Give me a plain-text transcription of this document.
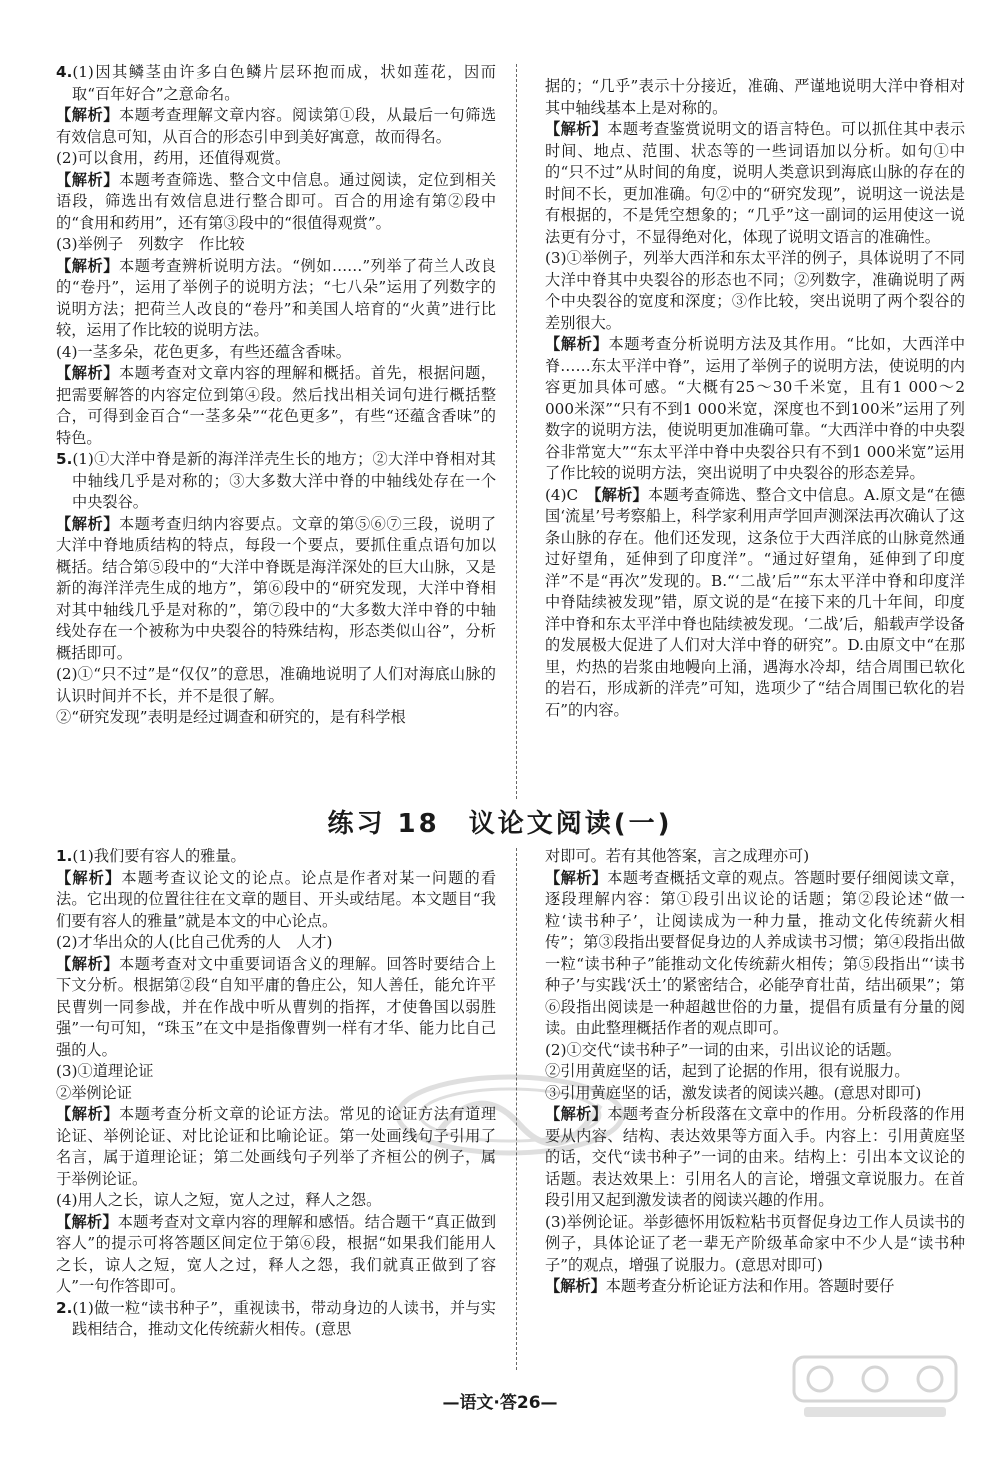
4.(1)因其鳞茎由许多白色鳞片层环抱而成，状如莲花，因而取“百年好合”之意命名。

【 解析 】 本题考查理解文章内容。阅读第①段，从最后一句筛选有效信息可知，从百合的形态引申到美好寓意，故而得名。

(2)可以食用，药用，还值得观赏。

【 解析 】 本题考查筛选、整合文中信息。通过阅读，定位到相关语段，筛选出有效信息进行整合即可。百合的用途有第②段中的“食用和药用”，还有第③段中的“很值得观赏”。

(3)举例子　列数字　作比较

【 解析 】 本题考查辨析说明方法。“例如……”列举了荷兰人改良的“卷丹”，运用了举例子的说明方法；“七八朵”运用了列数字的说明方法；把荷兰人改良的“卷丹”和美国人培育的“火黄”进行比较，运用了作比较的说明方法。

(4)一茎多朵，花色更多，有些还蕴含香味。

【 解析 】 本题考查对文章内容的理解和概括。首先，根据问题，把需要解答的内容定位到第④段。然后找出相关词句进行概括整合，可得到金百合“一茎多朵”“花色更多”，有些“还蕴含香味”的特色。

5.(1)①大洋中脊是新的海洋洋壳生长的地方；②大洋中脊相对其中轴线几乎是对称的；③大多数大洋中脊的中轴线处存在一个中央裂谷。

【 解析 】 本题考查归纳内容要点。文章的第⑤⑥⑦三段，说明了大洋中脊地质结构的特点，每段一个要点，要抓住重点语句加以概括。结合第⑤段中的“大洋中脊既是海洋深处的巨大山脉，又是新的海洋洋壳生成的地方”，第⑥段中的“研究发现，大洋中脊相对其中轴线几乎是对称的”，第⑦段中的“大多数大洋中脊的中轴线处存在一个被称为中央裂谷的特殊结构，形态类似山谷”，分析概括即可。

(2)①“只不过”是“仅仅”的意思，准确地说明了人们对海底山脉的认识时间并不长，并不是很了解。

②“研究发现”表明是经过调查和研究的，是有科学根

据的；“几乎”表示十分接近，准确、严谨地说明大洋中脊相对其中轴线基本上是对称的。

【 解析 】 本题考查鉴赏说明文的语言特色。可以抓住其中表示时间、地点、范围、状态等的一些词语加以分析。如句①中的“只不过”从时间的角度，说明人类意识到海底山脉的存在的时间不长，更加准确。句②中的“研究发现”，说明这一说法是有根据的，不是凭空想象的；“几乎”这一副词的运用使这一说法更有分寸，不显得绝对化，体现了说明文语言的准确性。

(3)①举例子，列举大西洋和东太平洋的例子，具体说明了不同大洋中脊其中央裂谷的形态也不同；②列数字，准确说明了两个中央裂谷的宽度和深度；③作比较，突出说明了两个裂谷的差别很大。

【 解析 】 本题考查分析说明方法及其作用。“比如，大西洋中脊……东太平洋中脊”，运用了举例子的说明方法，使说明的内容更加具体可感。“大概有25～30千米宽，且有1 000～2 000米深”“只有不到1 000米宽，深度也不到100米”运用了列数字的说明方法，使说明更加准确可靠。“大西洋中脊的中央裂谷非常宽大”“东太平洋中脊中央裂谷只有不到1 000米宽”运用了作比较的说明方法，突出说明了中央裂谷的形态差异。

(4)C　【 解析 】 本题考查筛选、整合文中信息。A.原文是“在德国‘流星’号考察船上，科学家利用声学回声测深法再次确认了这条山脉的存在。他们还发现，这条位于大西洋底的山脉竟然通过好望角，延伸到了印度洋”。“通过好望角，延伸到了印度洋”不是“再次”发现的。B.“‘二战’后”“东太平洋中脊和印度洋中脊陆续被发现”错，原文说的是“在接下来的几十年间，印度洋中脊和东太平洋中脊也陆续被发现。‘二战’后，船载声学设备的发展极大促进了人们对大洋中脊的研究”。D.由原文中“在那里，灼热的岩浆由地幔向上涌，遇海水冷却，结合周围已软化的岩石，形成新的洋壳”可知，选项少了“结合周围已软化的岩石”的内容。

练习 18　议论文阅读(一)

1.(1)我们要有容人的雅量。

【 解析 】 本题考查议论文的论点。论点是作者对某一问题的看法。它出现的位置往往在文章的题目、开头或结尾。本文题目“我们要有容人的雅量”就是本文的中心论点。

(2)才华出众的人(比自己优秀的人　人才)

【 解析 】 本题考查对文中重要词语含义的理解。回答时要结合上下文分析。根据第②段“自知平庸的鲁庄公，知人善任，能允许平民曹刿一同参战，并在作战中听从曹刿的指挥，才使鲁国以弱胜强”一句可知，“珠玉”在文中是指像曹刿一样有才华、能力比自己强的人。

(3)①道理论证

②举例论证

【 解析 】 本题考查分析文章的论证方法。常见的论证方法有道理论证、举例论证、对比论证和比喻论证。第一处画线句子引用了名言，属于道理论证；第二处画线句子列举了齐桓公的例子，属于举例论证。

(4)用人之长，谅人之短，宽人之过，释人之怨。

【 解析 】 本题考查对文章内容的理解和感悟。结合题干“真正做到容人”的提示可将答题区间定位于第⑥段，根据“如果我们能用人之长，谅人之短，宽人之过，释人之怨，我们就真正做到了容人”一句作答即可。

2.(1)做一粒“读书种子”，重视读书，带动身边的人读书，并与实践相结合，推动文化传统薪火相传。(意思

对即可。若有其他答案，言之成理亦可)

【 解析 】 本题考查概括文章的观点。答题时要仔细阅读文章，逐段理解内容：第①段引出议论的话题；第②段论述“做一粒‘读书种子’，让阅读成为一种力量，推动文化传统薪火相传”；第③段指出要督促身边的人养成读书习惯；第④段指出做一粒“读书种子”能推动文化传统薪火相传；第⑤段指出“‘读书种子’与实践‘沃土’的紧密结合，必能孕育壮苗，结出硕果”；第⑥段指出阅读是一种超越世俗的力量，提倡有质量有分量的阅读。由此整理概括作者的观点即可。

(2)①交代“读书种子”一词的由来，引出议论的话题。

②引用黄庭坚的话，起到了论据的作用，很有说服力。

③引用黄庭坚的话，激发读者的阅读兴趣。(意思对即可)

【 解析 】 本题考查分析段落在文章中的作用。分析段落的作用要从内容、结构、表达效果等方面入手。内容上：引用黄庭坚的话，交代“读书种子”一词的由来。结构上：引出本文议论的话题。表达效果上：引用名人的言论，增强文章说服力。在首段引用又起到激发读者的阅读兴趣的作用。

(3)举例论证。举彭德怀用饭粒粘书页督促身边工作人员读书的例子，具体论证了老一辈无产阶级革命家中不少人是“读书种子”的观点，增强了说服力。(意思对即可)

【 解析 】 本题考查分析论证方法和作用。答题时要仔

—语文·答26—
